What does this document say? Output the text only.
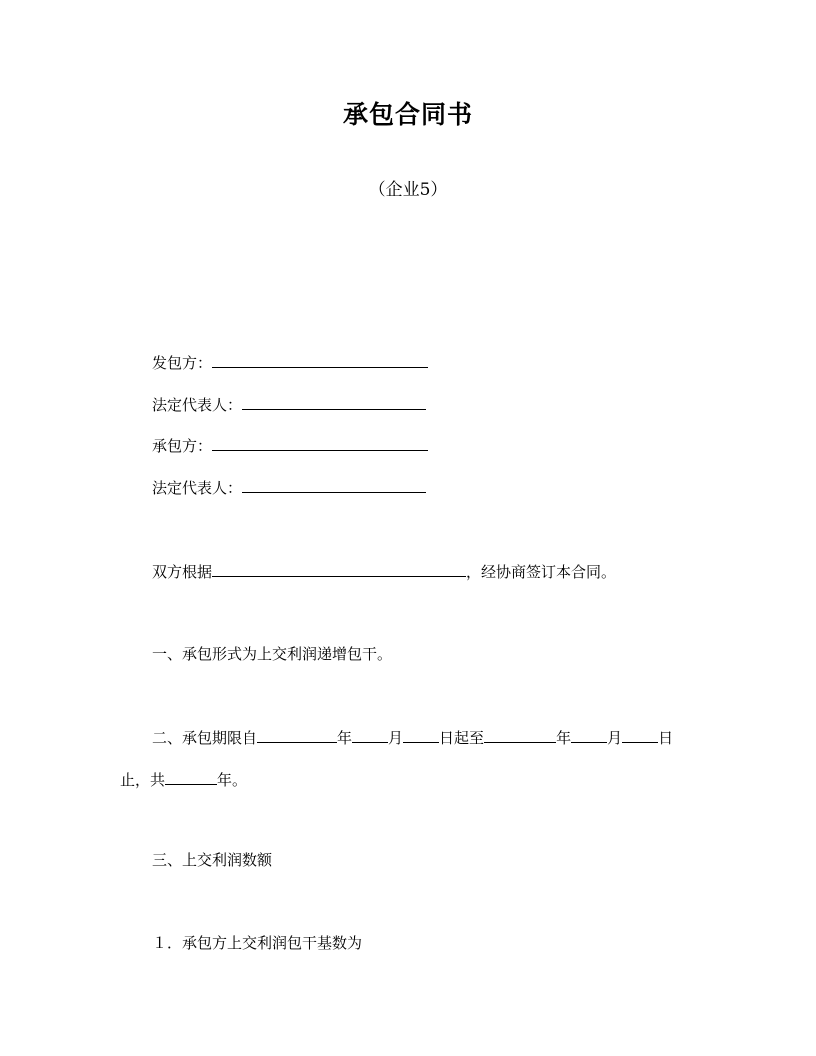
承包合同书
（企业5）
发包方：
法定代表人：
承包方：
法定代表人：
双方根据	，经协商签订本合同。
一、承包形式为上交利润递增包干。
二、承包期限自	年 月 日起至	年 月 日
止，共	年。
三、上交利润数额
１．承包方上交利润包干基数为
